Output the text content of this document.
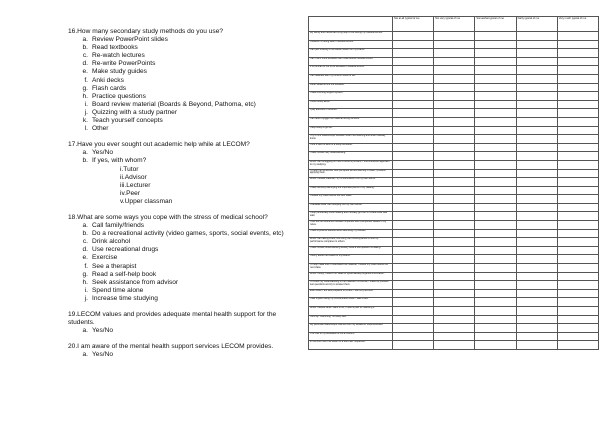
16.How many secondary study methods do you use?

a. Review PowerPoint slides
b. Read textbooks
c. Re-watch lectures
d. Re-write PowerPoints
e. Make study guides
f. Anki decks
g. Flash cards
h. Practice questions
i. Board review material (Boards & Beyond, Pathoma, etc)
j. Quizzing with a study partner
k. Teach yourself concepts
l. Other

17.Have you ever sought out academic help while at LECOM?

a. Yes/No
b. If yes, with whom?
i. Tutor
ii. Advisor
iii. Lecturer
iv. Peer
v. Upper classman

18.What are some ways you cope with the stress of medical school?

a. Call family/friends
b. Do a recreational activity (video games, sports, social events, etc)
c. Drink alcohol
d. Use recreational drugs
e. Exercise
f. See a therapist
g. Read a self-help book
h. Seek assistance from advisor
i. Spend time alone
j. Increase time studying

19.LECOM values and provides adequate mental health support for the students.

a. Yes/No

20.I am aware of the mental health support services LECOM provides.

a. Yes/No
	Not at all typical of me	Not very typical of me	Somewhat typical of me	Fairly typical of me	Very much typical of me
My family and friends are a big help to me during my medical school.					
I believe I'm doing well in medical school.					
I am just thinking of the earlier lesson on my exams.					
I am much more stressed than I was before medical school.					
It is normal for me to be stressed in medical school.					
I am satisfied with my current choice of life.					
Other students find me stressed.					
I have a strong support system.					
I often study alone.					
I pay attention in lectures.					
I am able to juggle the material during lectures.					
I skip study to go out.					
I try to find relationships between what I am learning and what I already know.					
I find it hard to stick to a study schedule.					
I have trouble fully understanding.					
When I am struggling on how to solve a problem, I find a different approach to my studying.					
To help me remember new principles we are learning in class, I practice applying them.					
When I review material, I try to summarize it in my own words.					
I have difficulty identifying the important points in my reading.					
I review my notes before the next class.					
I translate what I am studying into my own words.					
I stop periodically while reading and mentally go over or review what was said.					
I can tell the difference between important and unimportant details in my notes.					
I have a positive attitude about attending my classes.					
When I am taking a test, one thing I am thinking about is how my performance compares to others.					
I have trouble understanding exactly what a test question is asking.					
I worry about the results of my exams.					
To help make sure I understand the material, I review my notes before the next class.					
When I study, I search for ideas to systematically organize information.					
To check my understanding of the material in a course, I make up possible test questions and try to answer them.					
Even when I am well prepared for a test, I feel very anxious.					
I feel myself losing my concentration when I take a test.					
When I decide what I want to do, I have a plan for reaching it.					
I end up "cramming" for every test.					
My personal relationships interfere with my academic responsibilities.					
The cost of my education is not a concern.					
In the end I feel I do better on a test than I expected.					
